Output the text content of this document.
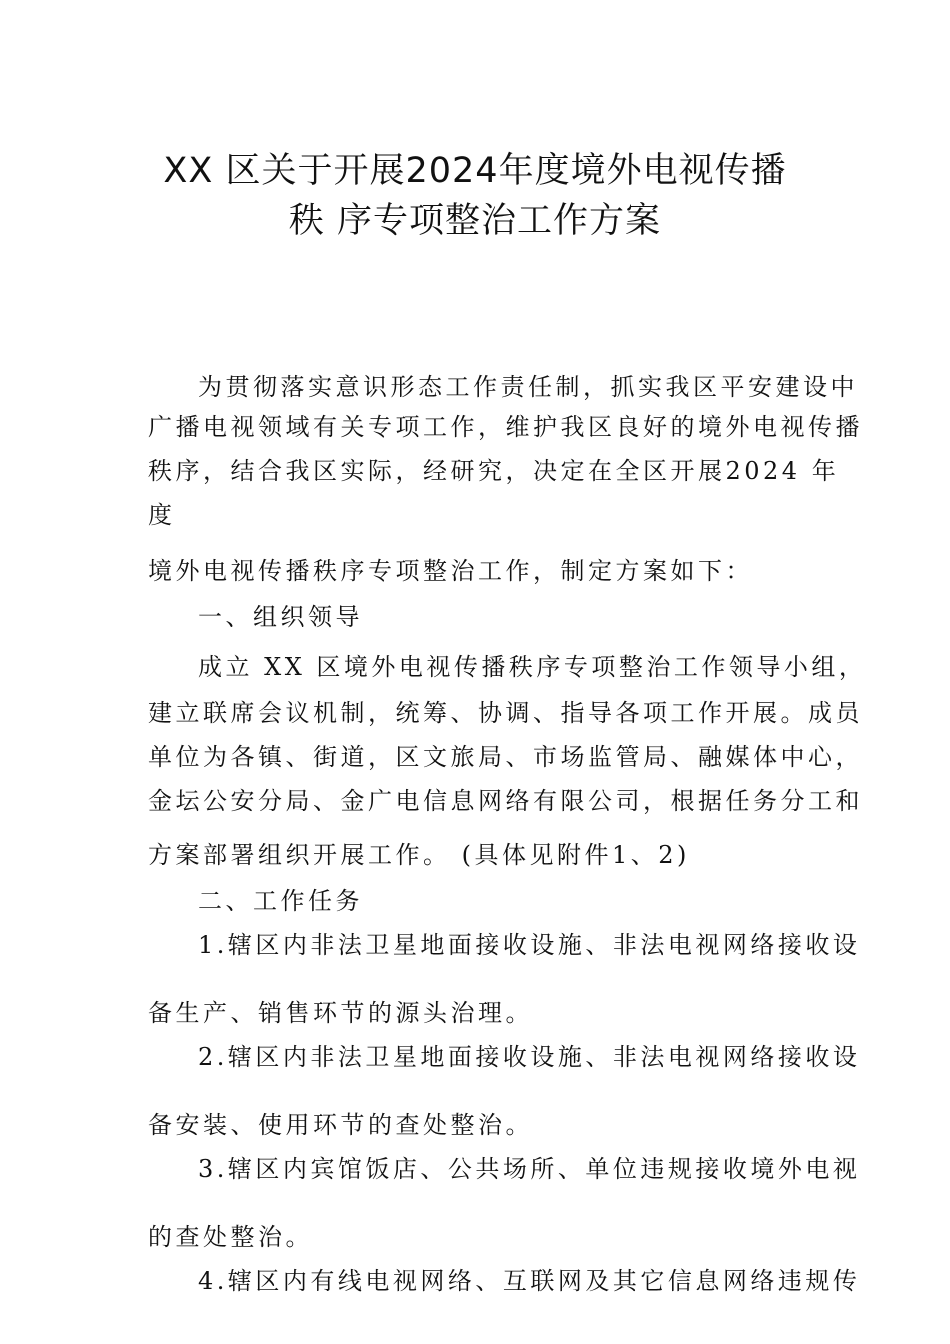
XX 区关于开展2024年度境外电视传播
秩 序专项整治工作方案
为贯彻落实意识形态工作责任制，抓实我区平安建设中
广播电视领域有关专项工作，维护我区良好的境外电视传播
秩序，结合我区实际，经研究，决定在全区开展2024 年
度
境外电视传播秩序专项整治工作，制定方案如下：
一、组织领导
成立 XX 区境外电视传播秩序专项整治工作领导小组，
建立联席会议机制，统筹、协调、指导各项工作开展。成员
单位为各镇、街道，区文旅局、市场监管局、融媒体中心，
金坛公安分局、金广电信息网络有限公司，根据任务分工和
方案部署组织开展工作。 (具体见附件1、2)
二、工作任务
1.辖区内非法卫星地面接收设施、非法电视网络接收设
备生产、销售环节的源头治理。
2.辖区内非法卫星地面接收设施、非法电视网络接收设
备安装、使用环节的查处整治。
3.辖区内宾馆饭店、公共场所、单位违规接收境外电视
的查处整治。
4.辖区内有线电视网络、互联网及其它信息网络违规传
